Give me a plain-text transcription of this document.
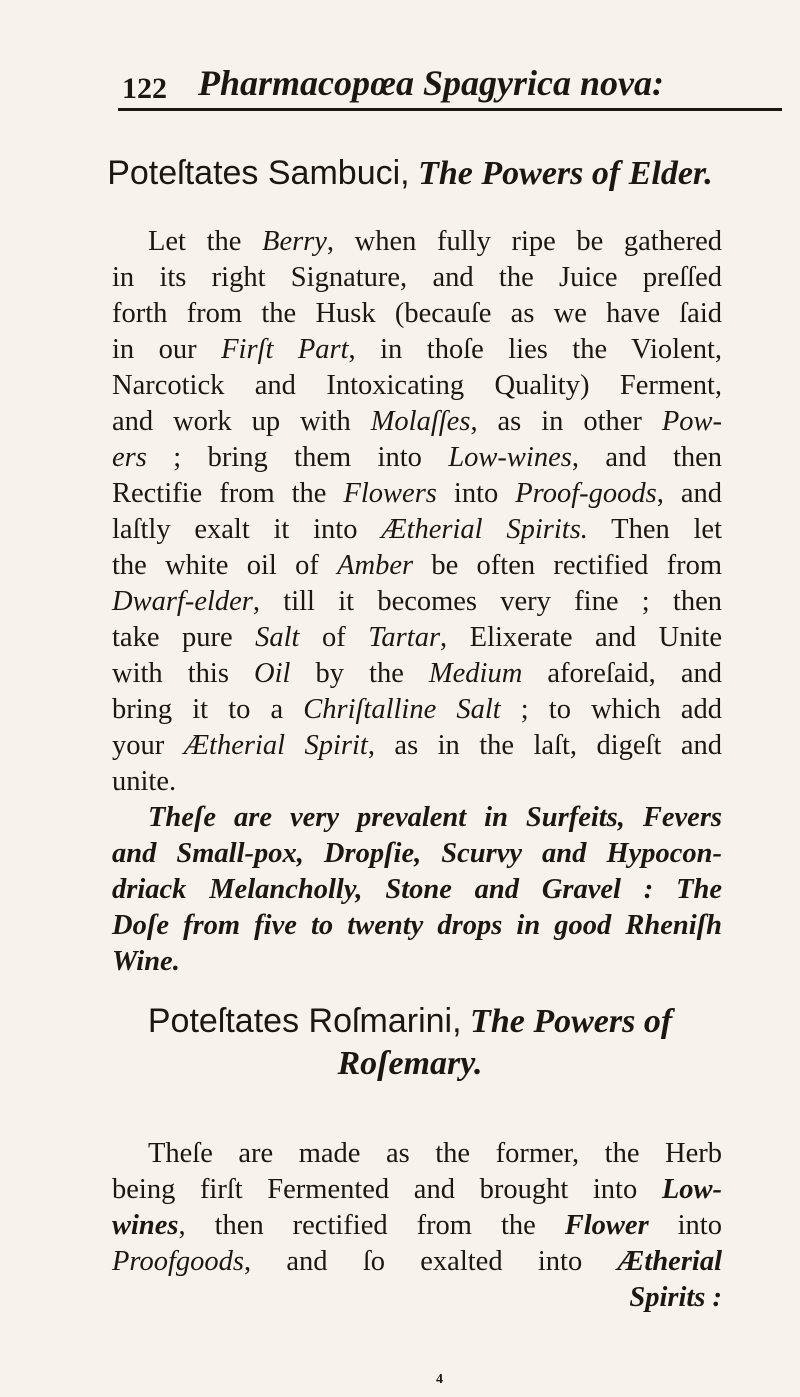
122 Pharmacopœa Spagyrica nova:
Poteſtates Sambuci, The Powers of Elder.
Let the Berry, when fully ripe be gathered
in its right Signature, and the Juice preſſed
forth from the Husk (becauſe as we have ſaid
in our Firſt Part, in thoſe lies the Violent,
Narcotick and Intoxicating Quality) Ferment,
and work up with Molaſſes, as in other Pow-
ers ; bring them into Low-wines, and then
Rectifie from the Flowers into Proof-goods, and
laſtly exalt it into Ætherial Spirits. Then let
the white oil of Amber be often rectified from
Dwarf-elder, till it becomes very fine ; then
take pure Salt of Tartar, Elixerate and Unite
with this Oil by the Medium aforeſaid, and
bring it to a Chriſtalline Salt ; to which add
your Ætherial Spirit, as in the laſt, digeſt and
unite.
Theſe are very prevalent in Surfeits, Fevers
and Small-pox, Dropſie, Scurvy and Hypocon-
driack Melancholly, Stone and Gravel : The
Doſe from five to twenty drops in good Rheniſh
Wine.
Poteſtates Roſmarini, The Powers of
Roſemary.
Theſe are made as the former, the Herb
being firſt Fermented and brought into Low-
wines, then rectified from the Flower into
Proofgoods, and ſo exalted into Ætherial
Spirits :
4
